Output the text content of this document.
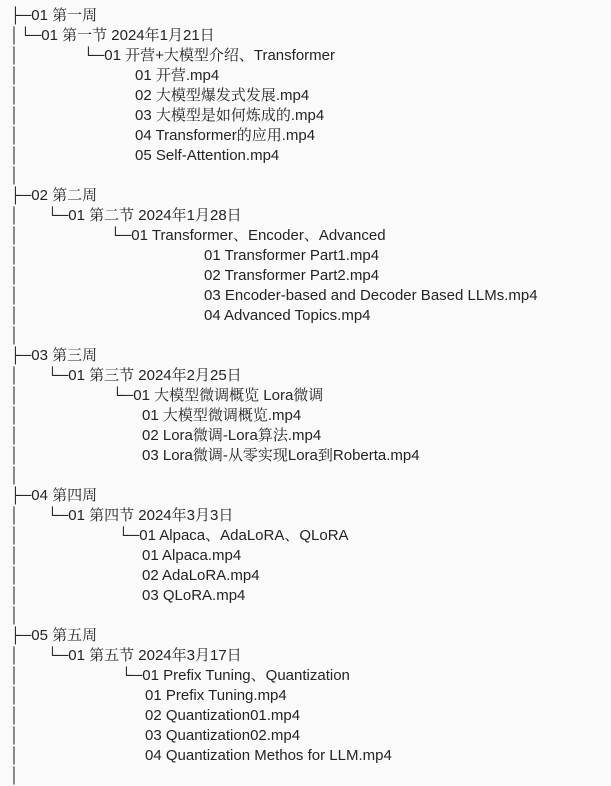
├─01 第一周
│ └─01 第一节 2024年1月21日
│	└─01 开营+大模型介绍、Transformer
│	01 开营.mp4
│	02 大模型爆发式发展.mp4
│	03 大模型是如何炼成的.mp4
│	04 Transformer的应用.mp4
│	05 Self-Attention.mp4
│
├─02 第二周
│ └─01 第二节 2024年1月28日
│	└─01 Transformer、Encoder、Advanced
│	01 Transformer Part1.mp4
│	02 Transformer Part2.mp4
│	03 Encoder-based and Decoder Based LLMs.mp4
│	04 Advanced Topics.mp4
│
├─03 第三周
│ └─01 第三节 2024年2月25日
│	└─01 大模型微调概览 Lora微调
│	01 大模型微调概览.mp4
│	02 Lora微调-Lora算法.mp4
│	03 Lora微调-从零实现Lora到Roberta.mp4
│
├─04 第四周
│ └─01 第四节 2024年3月3日
│	└─01 Alpaca、AdaLoRA、QLoRA
│	01 Alpaca.mp4
│	02 AdaLoRA.mp4
│	03 QLoRA.mp4
│
├─05 第五周
│ └─01 第五节 2024年3月17日
│	└─01 Prefix Tuning、Quantization
│	01 Prefix Tuning.mp4
│	02 Quantization01.mp4
│	03 Quantization02.mp4
│	04 Quantization Methos for LLM.mp4
│
